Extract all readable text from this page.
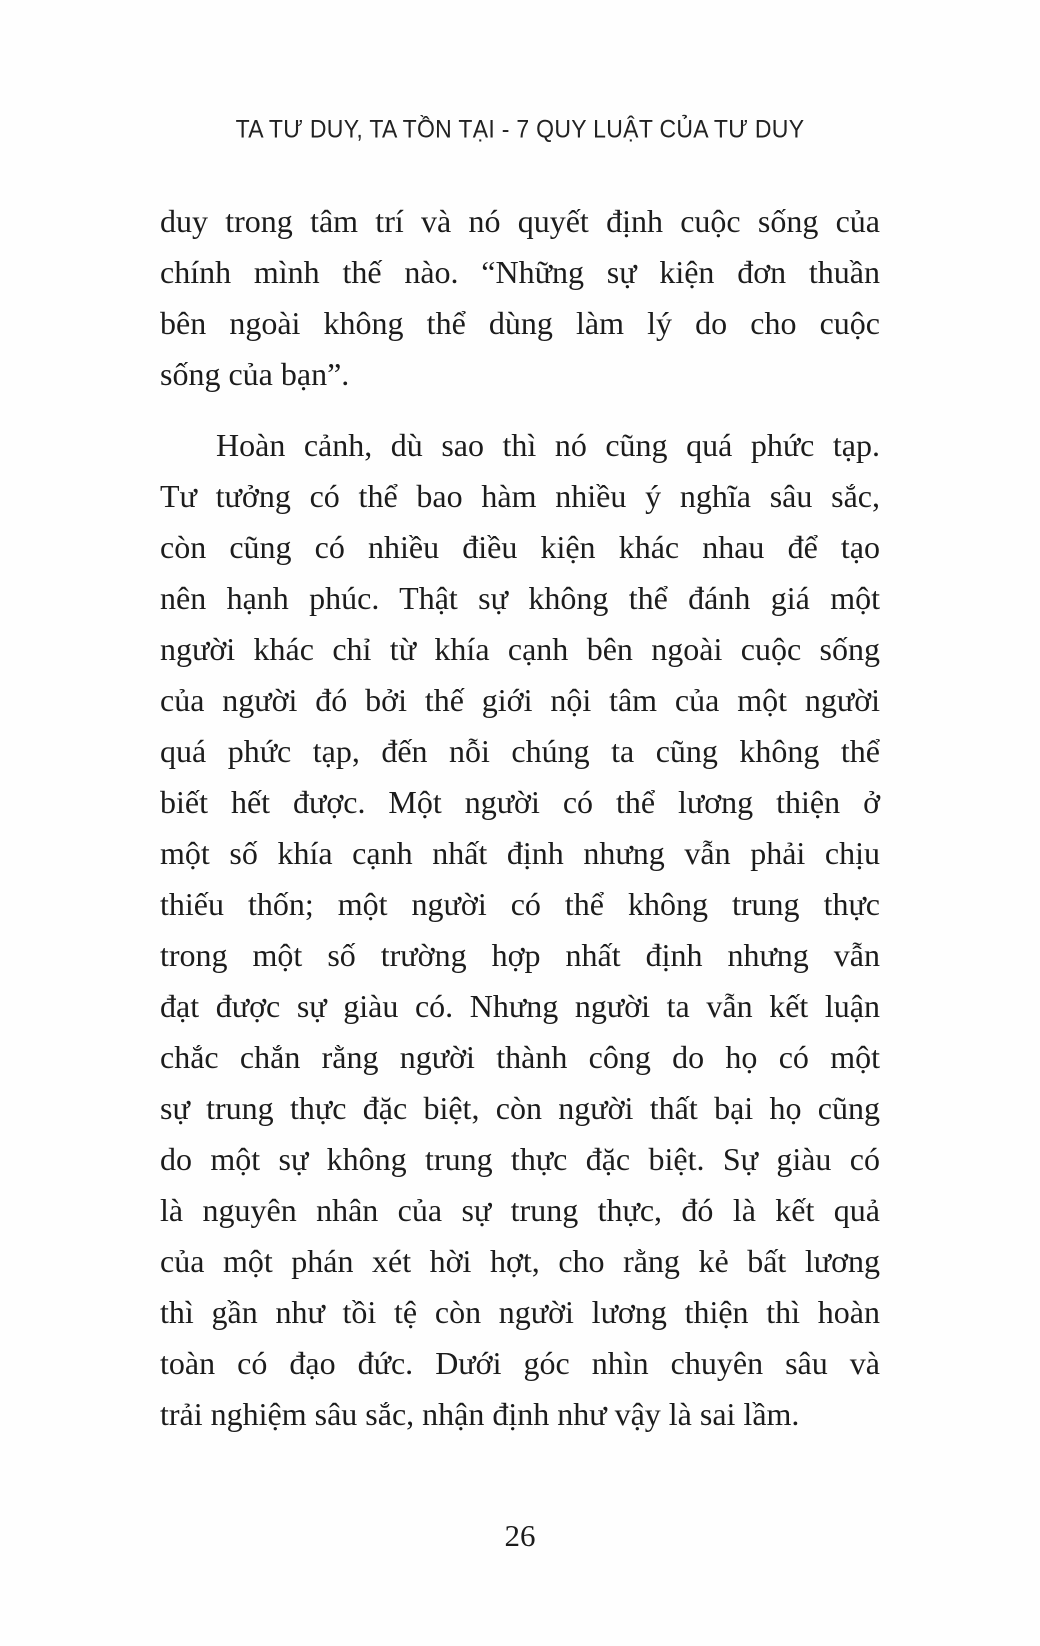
TA TƯ DUY, TA TỒN TẠI - 7 QUY LUẬT CỦA TƯ DUY
duy trong tâm trí và nó quyết định cuộc sống của
chính mình thế nào. “Những sự kiện đơn thuần
bên ngoài không thể dùng làm lý do cho cuộc
sống của bạn”.
Hoàn cảnh, dù sao thì nó cũng quá phức tạp.
Tư tưởng có thể bao hàm nhiều ý nghĩa sâu sắc,
còn cũng có nhiều điều kiện khác nhau để tạo
nên hạnh phúc. Thật sự không thể đánh giá một
người khác chỉ từ khía cạnh bên ngoài cuộc sống
của người đó bởi thế giới nội tâm của một người
quá phức tạp, đến nỗi chúng ta cũng không thể
biết hết được. Một người có thể lương thiện ở
một số khía cạnh nhất định nhưng vẫn phải chịu
thiếu thốn; một người có thể không trung thực
trong một số trường hợp nhất định nhưng vẫn
đạt được sự giàu có. Nhưng người ta vẫn kết luận
chắc chắn rằng người thành công do họ có một
sự trung thực đặc biệt, còn người thất bại họ cũng
do một sự không trung thực đặc biệt. Sự giàu có
là nguyên nhân của sự trung thực, đó là kết quả
của một phán xét hời hợt, cho rằng kẻ bất lương
thì gần như tồi tệ còn người lương thiện thì hoàn
toàn có đạo đức. Dưới góc nhìn chuyên sâu và
trải nghiệm sâu sắc, nhận định như vậy là sai lầm.
26
